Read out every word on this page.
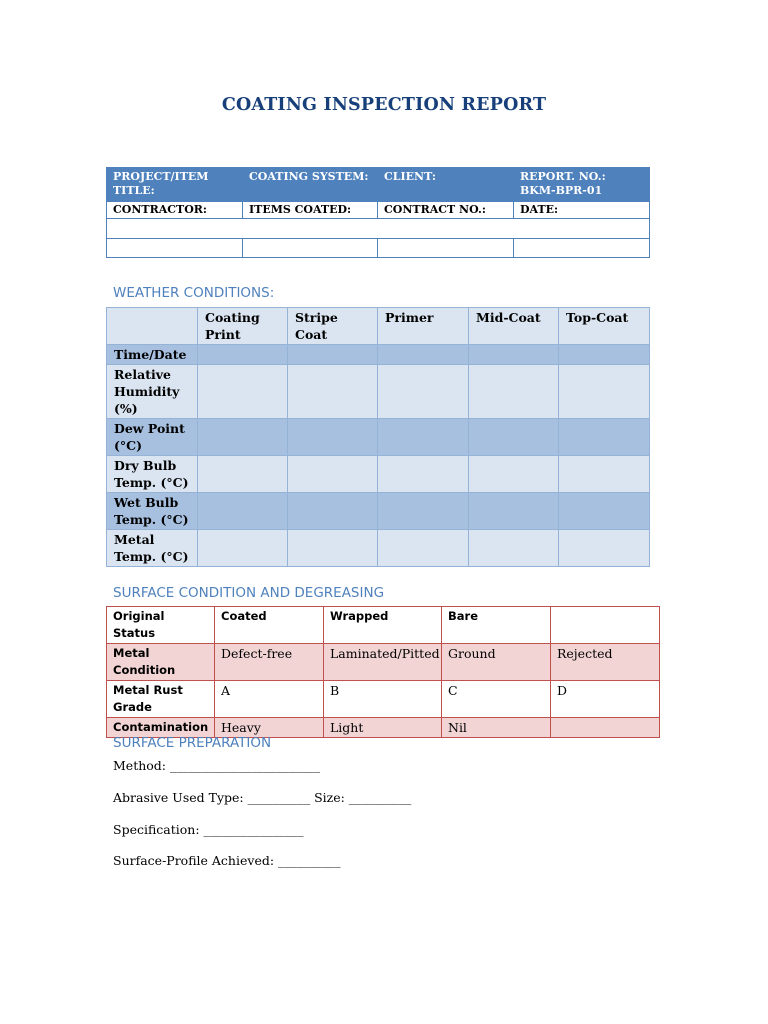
COATING INSPECTION REPORT
PROJECT/ITEM TITLE:	COATING SYSTEM:	CLIENT:	REPORT. NO.: BKM-BPR-01
CONTRACTOR:	ITEMS COATED:	CONTRACT NO.:	DATE:

WEATHER CONDITIONS:
	Coating Print	Stripe Coat	Primer	Mid-Coat	Top-Coat
Time/Date					
Relative Humidity (%)					
Dew Point (°C)					
Dry Bulb Temp. (°C)					
Wet Bulb Temp. (°C)					
Metal Temp. (°C)					
SURFACE CONDITION AND DEGREASING
Original Status	Coated	Wrapped	Bare	
Metal Condition	Defect-free	Laminated/Pitted	Ground	Rejected
Metal Rust Grade	A	B	C	D
Contamination	Heavy	Light	Nil	
SURFACE PREPARATION
Method: ________________________
Abrasive Used Type: __________ Size: __________
Specification: ________________
Surface-Profile Achieved: __________
